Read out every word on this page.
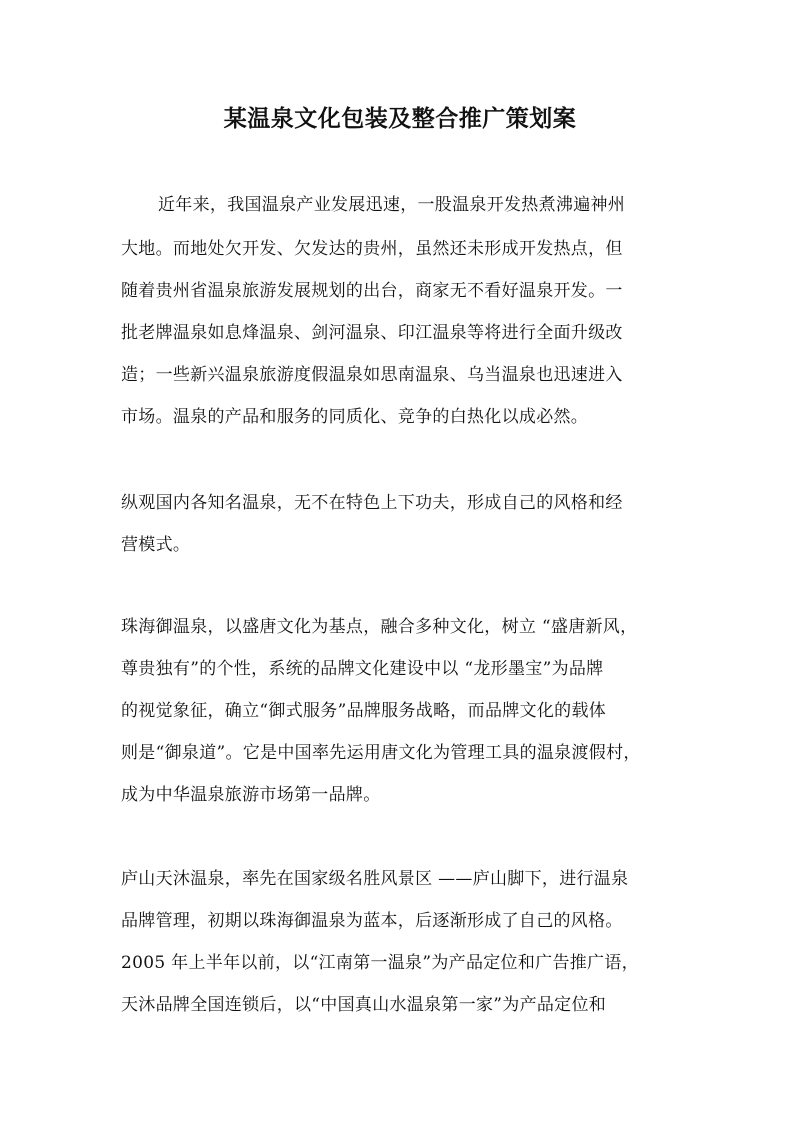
某温泉文化包装及整合推广策划案
近年来，我国温泉产业发展迅速，一股温泉开发热煮沸遍神州
大地。而地处欠开发、欠发达的贵州，虽然还未形成开发热点，但
随着贵州省温泉旅游发展规划的出台，商家无不看好温泉开发。一
批老牌温泉如息烽温泉、剑河温泉、印江温泉等将进行全面升级改
造；一些新兴温泉旅游度假温泉如思南温泉、乌当温泉也迅速进入
市场。温泉的产品和服务的同质化、竞争的白热化以成必然。
纵观国内各知名温泉，无不在特色上下功夫，形成自己的风格和经
营模式。
珠海御温泉，以盛唐文化为基点，融合多种文化，树立 “盛唐新风，
尊贵独有”的个性，系统的品牌文化建设中以 “龙形墨宝”为品牌
的视觉象征，确立“御式服务”品牌服务战略，而品牌文化的载体
则是“御泉道”。它是中国率先运用唐文化为管理工具的温泉渡假村，
成为中华温泉旅游市场第一品牌。
庐山天沐温泉，率先在国家级名胜风景区 ——庐山脚下，进行温泉
品牌管理，初期以珠海御温泉为蓝本，后逐渐形成了自己的风格。
2005 年上半年以前，以“江南第一温泉”为产品定位和广告推广语，
天沐品牌全国连锁后，以“中国真山水温泉第一家”为产品定位和
